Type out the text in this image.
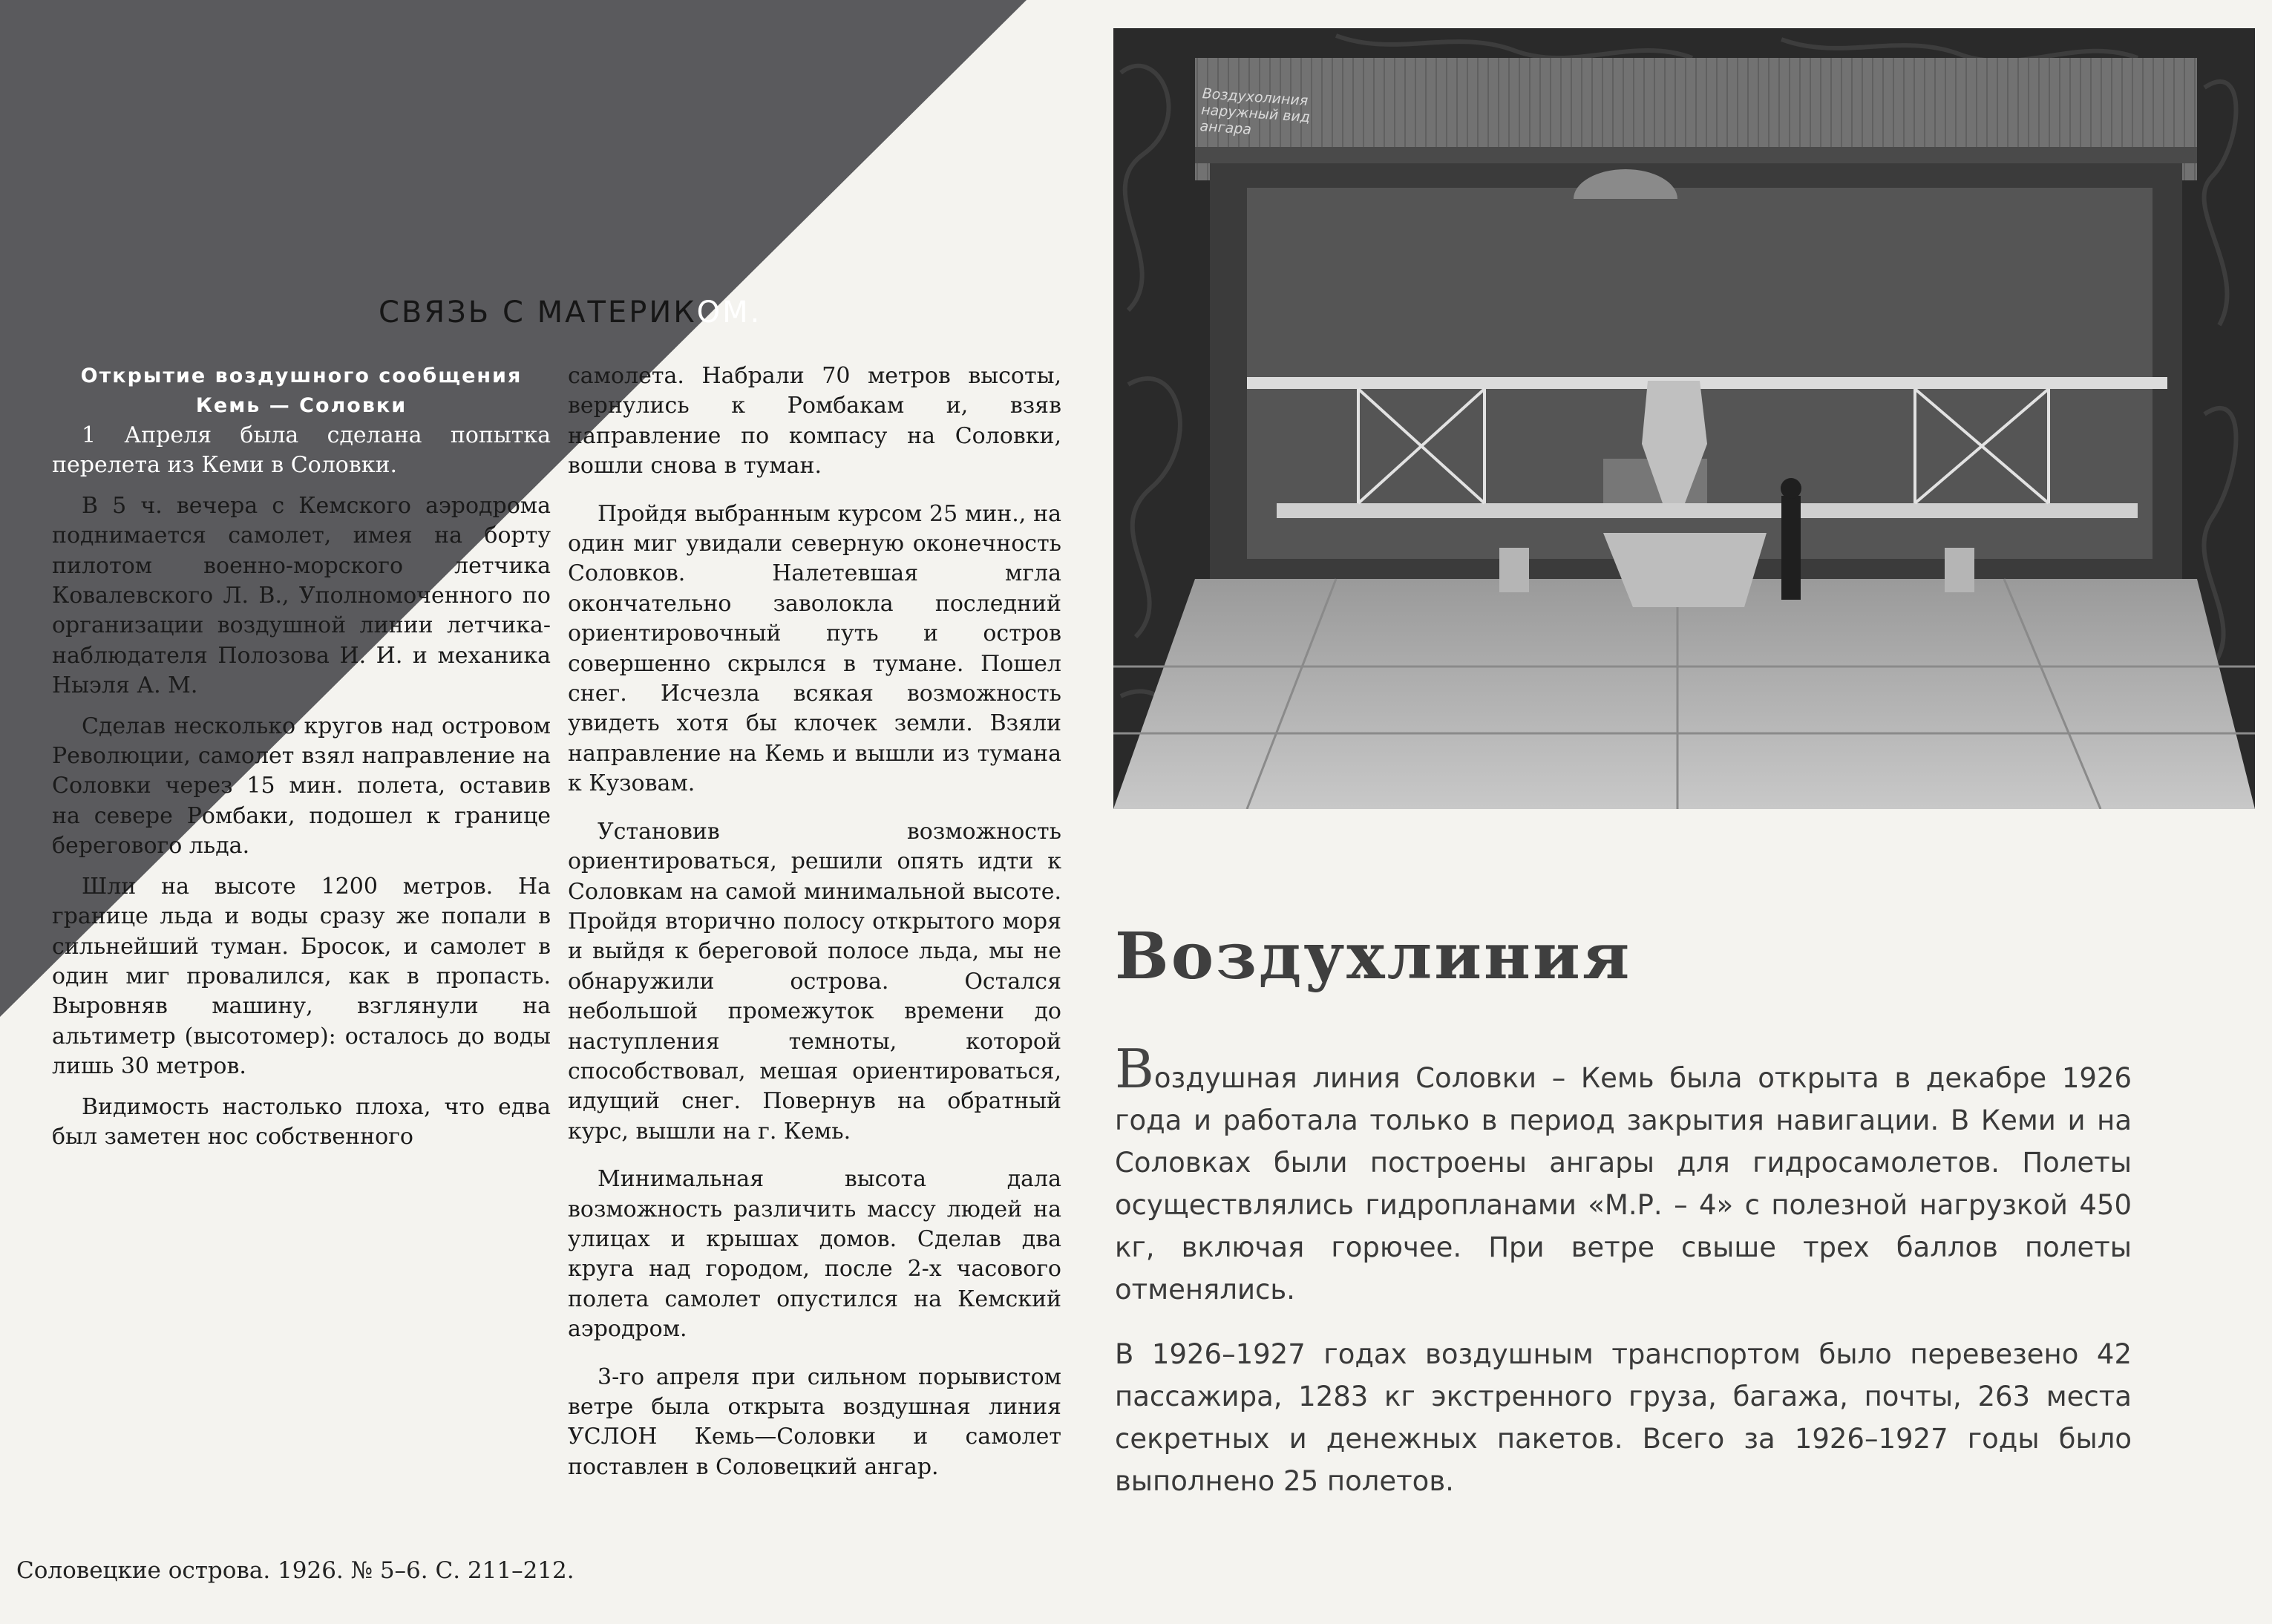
СВЯЗЬ С МАТЕРИКОМ.
Открытие воздушного сообщения Кемь — Соловки

1 Апреля была сделана попытка перелета из Кеми в Соловки.

В 5 ч. вечера с Кемского аэродрома поднимается самолет, имея на борту пилотом военно-морского летчика Ковалевского Л. В., Уполномоченного по организации воздушной линии летчика-наблюдателя Полозова И. И. и механика Ныэля А. М.

Сделав несколько кругов над островом Революции, самолет взял направление на Соловки через 15 мин. полета, оставив на севере Ромбаки, подошел к границе берегового льда.

Шли на высоте 1200 метров. На границе льда и воды сразу же попали в сильнейший туман. Бросок, и самолет в один миг провалился, как в пропасть. Выровняв машину, взглянули на альтиметр (высотомер): осталось до воды лишь 30 метров.

Видимость настолько плоха, что едва был заметен нос собственного

самолета. Набрали 70 метров высоты, вернулись к Ромбакам и, взяв направление по компасу на Соловки, вошли снова в туман.

Пройдя выбранным курсом 25 мин., на один миг увидали северную оконечность Соловков. Налетевшая мгла окончательно заволокла последний ориентировочный путь и остров совершенно скрылся в тумане. Пошел снег. Исчезла всякая возможность увидеть хотя бы клочек земли. Взяли направление на Кемь и вышли из тумана к Кузовам.

Установив возможность ориентироваться, решили опять идти к Соловкам на самой минимальной высоте. Пройдя вторично полосу открытого моря и выйдя к береговой полосе льда, мы не обнаружили острова. Остался небольшой промежуток времени до наступления темноты, которой способствовал, мешая ориентироваться, идущий снег. Повернув на обратный курс, вышли на г. Кемь.

Минимальная высота дала возможность различить массу людей на улицах и крышах домов. Сделав два круга над городом, после 2-х часового полета самолет опустился на Кемский аэродром.

3-го апреля при сильном порывистом ветре была открыта воздушная линия УСЛОН Кемь—Соловки и самолет поставлен в Соловецкий ангар.

Соловецкие острова. 1926. № 5–6. С. 211–212.
Воздухолиния наружный вид ангара
Воздухлиния

Воздушная линия Соловки – Кемь была открыта в декабре 1926 года и работала только в период закрытия навигации. В Кеми и на Соловках были построены ангары для гидросамолетов. Полеты осуществлялись гидропланами «М.Р. – 4» с полезной нагрузкой 450 кг, включая горючее. При ветре свыше трех баллов полеты отменялись.

В 1926–1927 годах воздушным транспортом было перевезено 42 пассажира, 1283 кг экстренного груза, багажа, почты, 263 места секретных и денежных пакетов. Всего за 1926–1927 годы было выполнено 25 полетов.
